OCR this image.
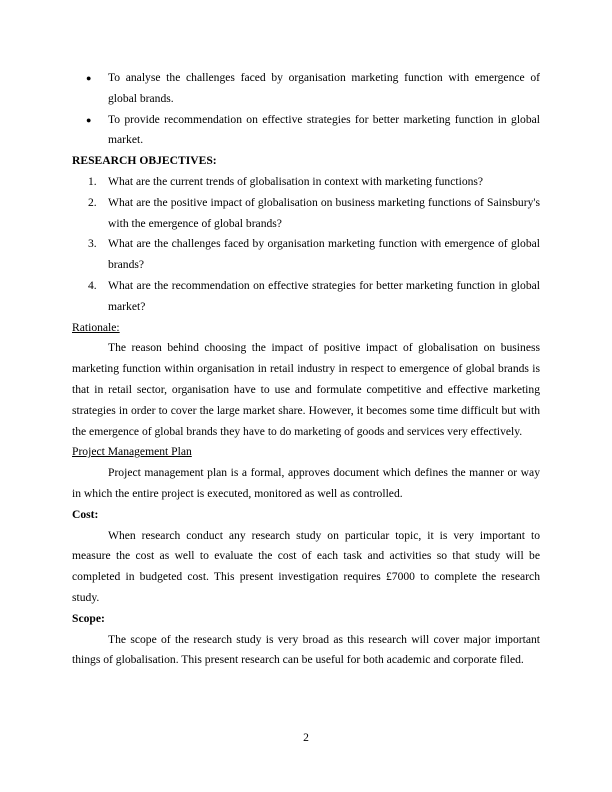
● To analyse the challenges faced by organisation marketing function with emergence of global brands.
● To provide recommendation on effective strategies for better marketing function in global market.

RESEARCH OBJECTIVES:

1. What are the current trends of globalisation in context with marketing functions?
2. What are the positive impact of globalisation on business marketing functions of Sainsbury's with the emergence of global brands?
3. What are the challenges faced by organisation marketing function with emergence of global brands?
4. What are the recommendation on effective strategies for better marketing function in global market?

Rationale:

The reason behind choosing the impact of positive impact of globalisation on business marketing function within organisation in retail industry in respect to emergence of global brands is that in retail sector, organisation have to use and formulate competitive and effective marketing strategies in order to cover the large market share. However, it becomes some time difficult but with the emergence of global brands they have to do marketing of goods and services very effectively.

Project Management Plan

Project management plan is a formal, approves document which defines the manner or way in which the entire project is executed, monitored as well as controlled.

Cost:

When research conduct any research study on particular topic, it is very important to measure the cost as well to evaluate the cost of each task and activities so that study will be completed in budgeted cost. This present investigation requires £7000 to complete the research study.

Scope:

The scope of the research study is very broad as this research will cover major important things of globalisation. This present research can be useful for both academic and corporate filed.

2
